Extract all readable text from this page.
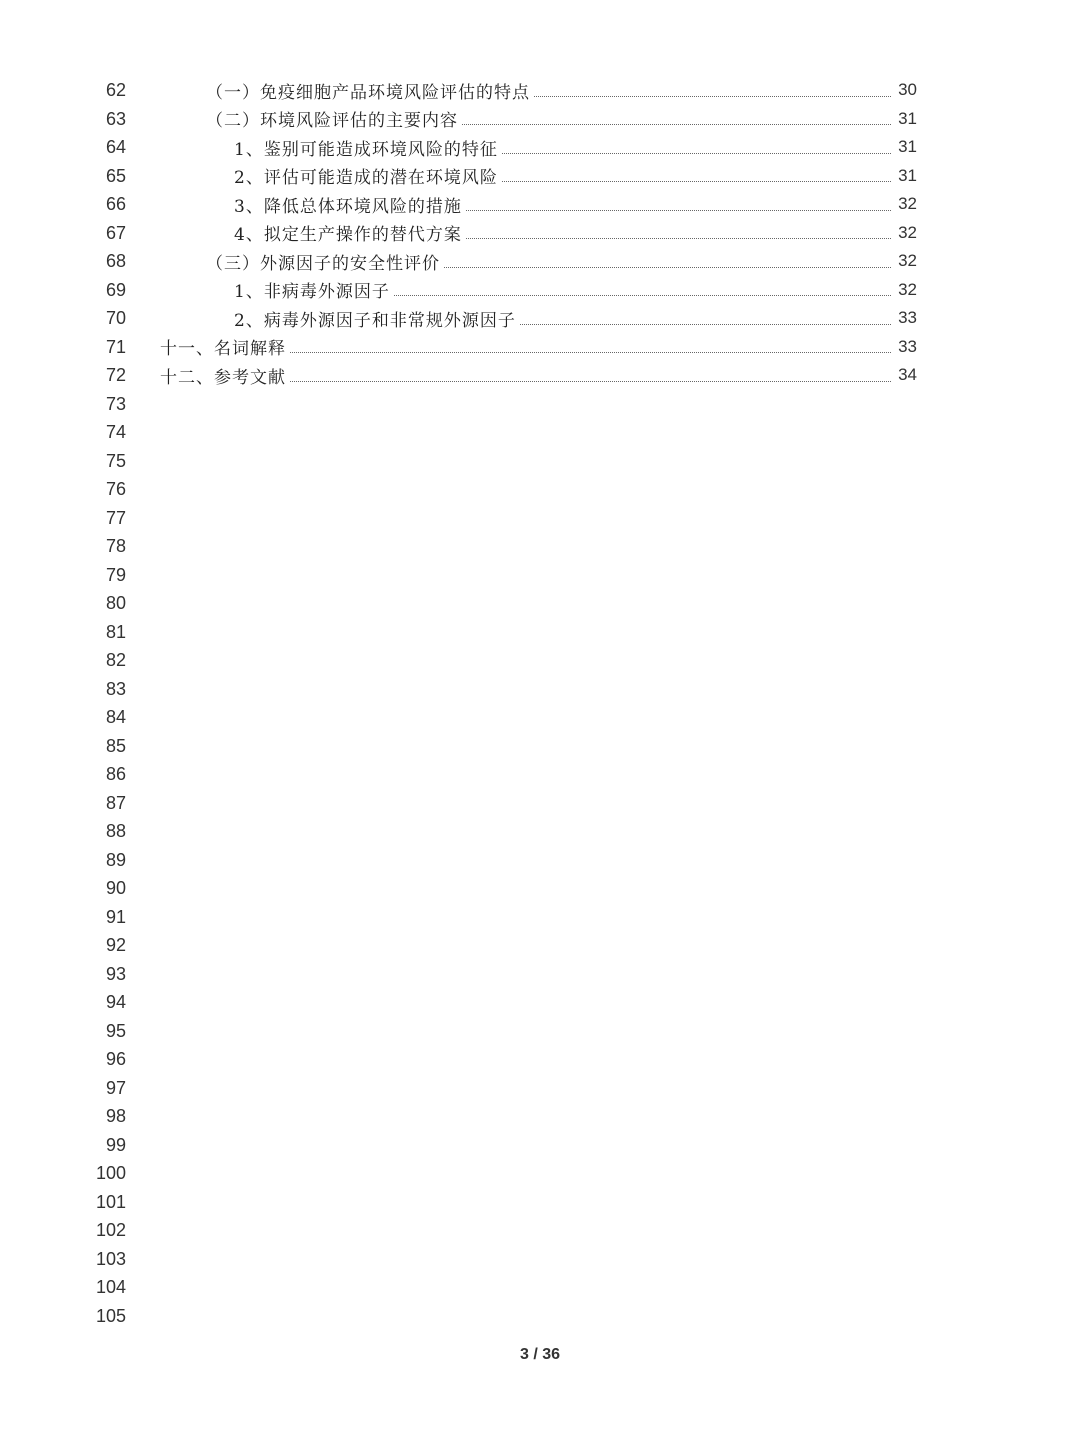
62
63
64
65
66
67
68
69
70
71
72
73
74
75
76
77
78
79
80
81
82
83
84
85
86
87
88
89
90
91
92
93
94
95
96
97
98
99
100
101
102
103
104
105
（一）免疫细胞产品环境风险评估的特点	30
（二）环境风险评估的主要内容	31
1、鉴别可能造成环境风险的特征	31
2、评估可能造成的潜在环境风险	31
3、降低总体环境风险的措施	32
4、拟定生产操作的替代方案	32
（三）外源因子的安全性评价	32
1、非病毒外源因子	32
2、病毒外源因子和非常规外源因子	33
十一、名词解释	33
十二、参考文献	34
3 / 36
